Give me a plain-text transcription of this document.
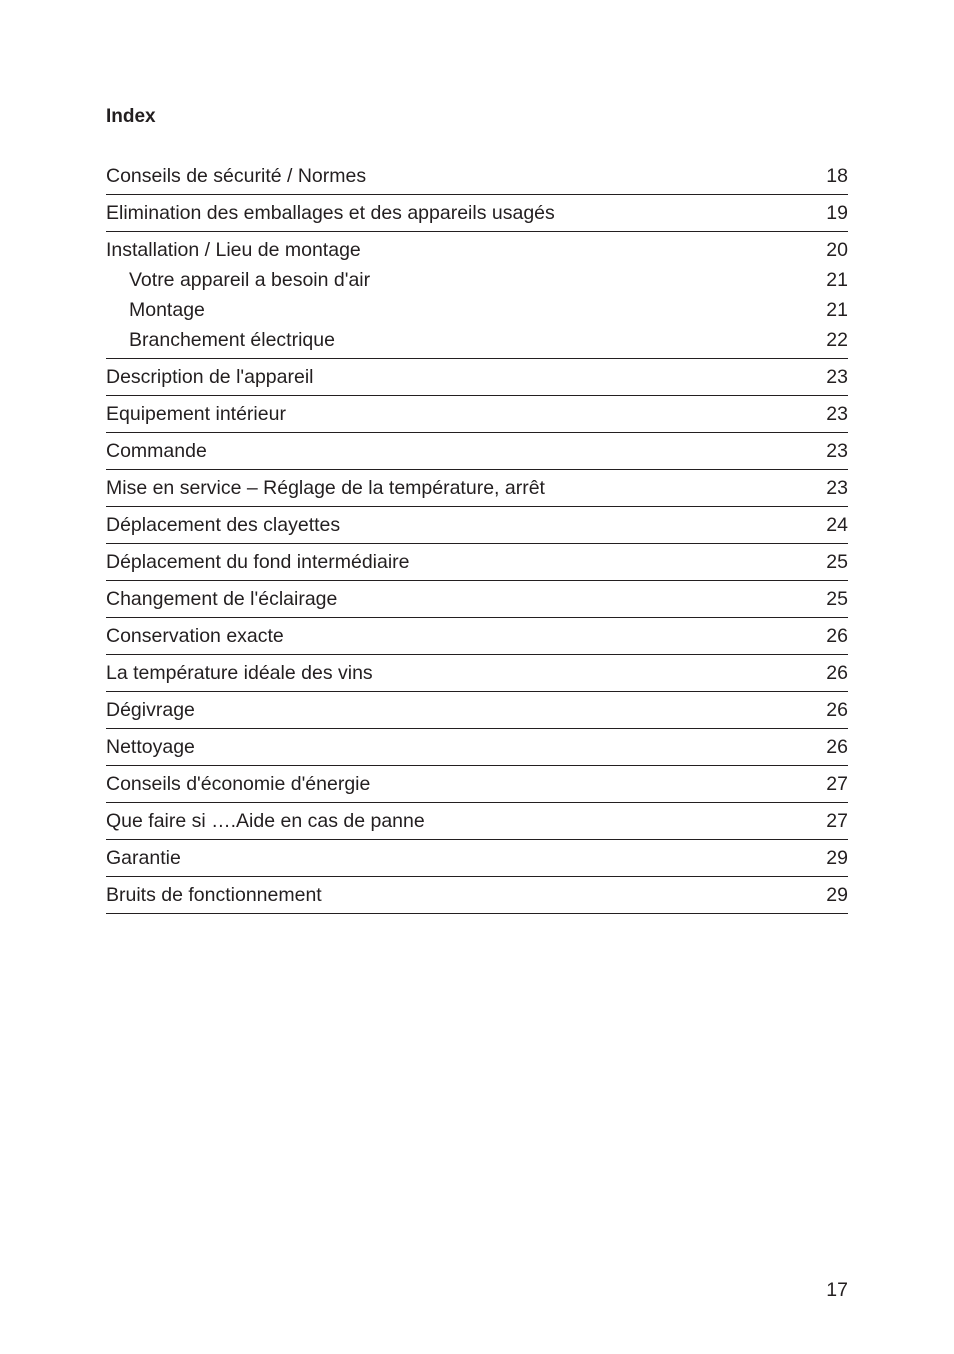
Index
Conseils de sécurité / Normes	18
Elimination des emballages et des appareils usagés	19
Installation / Lieu de montage	20
Votre appareil a besoin d'air	21
Montage	21
Branchement électrique	22
Description de l'appareil	23
Equipement intérieur	23
Commande	23
Mise en service – Réglage de la température, arrêt	23
Déplacement des clayettes	24
Déplacement du fond intermédiaire	25
Changement de l'éclairage	25
Conservation exacte	26
La température idéale des vins	26
Dégivrage	26
Nettoyage	26
Conseils d'économie d'énergie	27
Que faire si ….Aide en cas de panne	27
Garantie	29
Bruits de fonctionnement	29
17
